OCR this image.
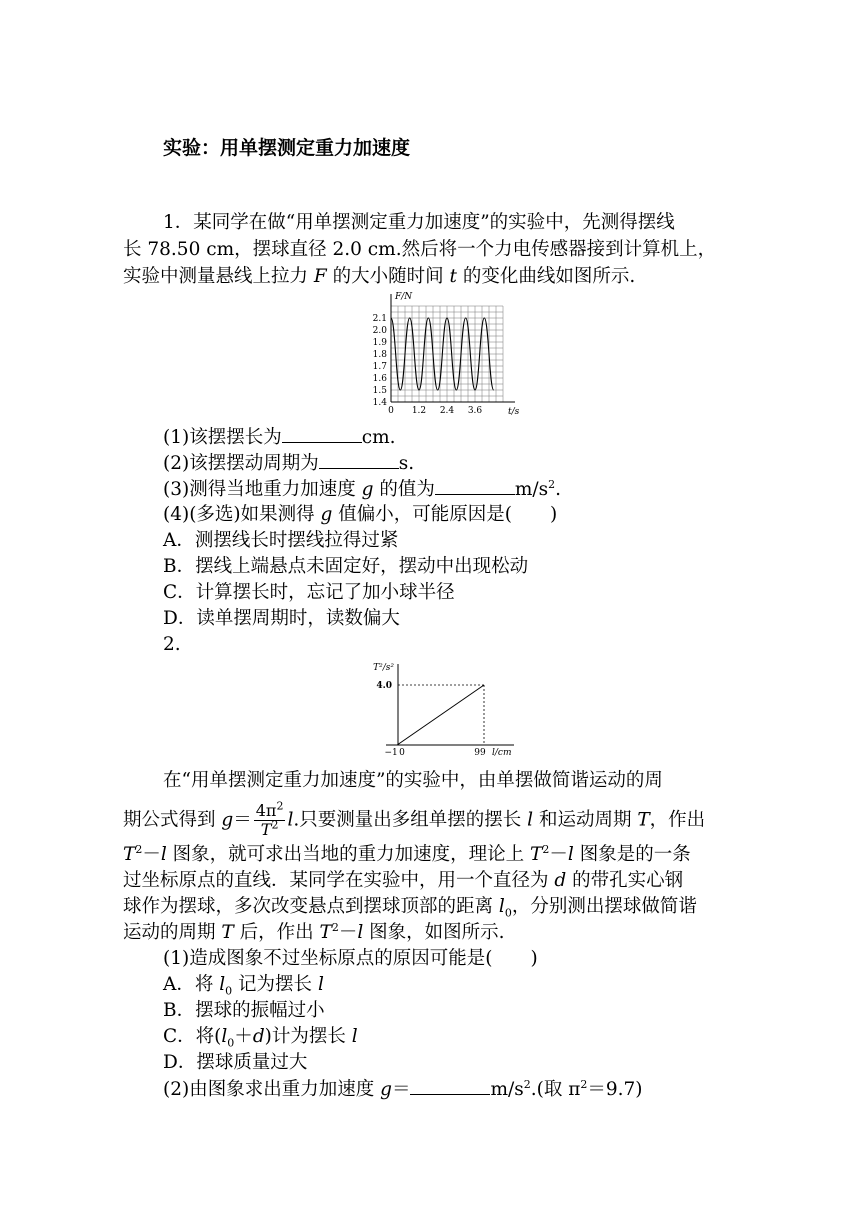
实验：用单摆测定重力加速度
1．某同学在做“用单摆测定重力加速度”的实验中，先测得摆线
长 78.50 cm，摆球直径 2.0 cm.然后将一个力电传感器接到计算机上，
实验中测量悬线上拉力 F 的大小随时间 t 的变化曲线如图所示.
1.4
1.5
1.6
1.7
1.8
1.9
2.0
2.1
0 1.2 2.4 3.6
F/N
t/s
(1)该摆摆长为	cm.
(2)该摆摆动周期为	s.
(3)测得当地重力加速度 g 的值为	$m/s^2$.
(4)(多选)如果测得 g 值偏小，可能原因是( )
A．测摆线长时摆线拉得过紧
B．摆线上端悬点未固定好，摆动中出现松动
C．计算摆长时，忘记了加小球半径
D．读单摆周期时，读数偏大
2.
T²/s²
4.0
−1 0	99 l/cm
在“用单摆测定重力加速度”的实验中，由单摆做简谐运动的周
期公式得到 $g= \frac{4\pi^2}{T^2} l$.只要测量出多组单摆的摆长 l 和运动周期 T，作出
$T^2-l$ 图象，就可求出当地的重力加速度，理论上 $T^2-l$ 图象是的一条
过坐标原点的直线．某同学在实验中，用一个直径为 d 的带孔实心钢
球作为摆球，多次改变悬点到摆球顶部的距离 $l_0$，分别测出摆球做简谐
运动的周期 T 后，作出 $T^2-l$ 图象，如图所示.
(1)造成图象不过坐标原点的原因可能是( )
A．将 $l_0$ 记为摆长 l
B．摆球的振幅过小
C．将$(l_0+d)$计为摆长 l
D．摆球质量过大
(2)由图象求出重力加速度 g＝	$m/s^2$.(取 $\pi^2=9.7$)
